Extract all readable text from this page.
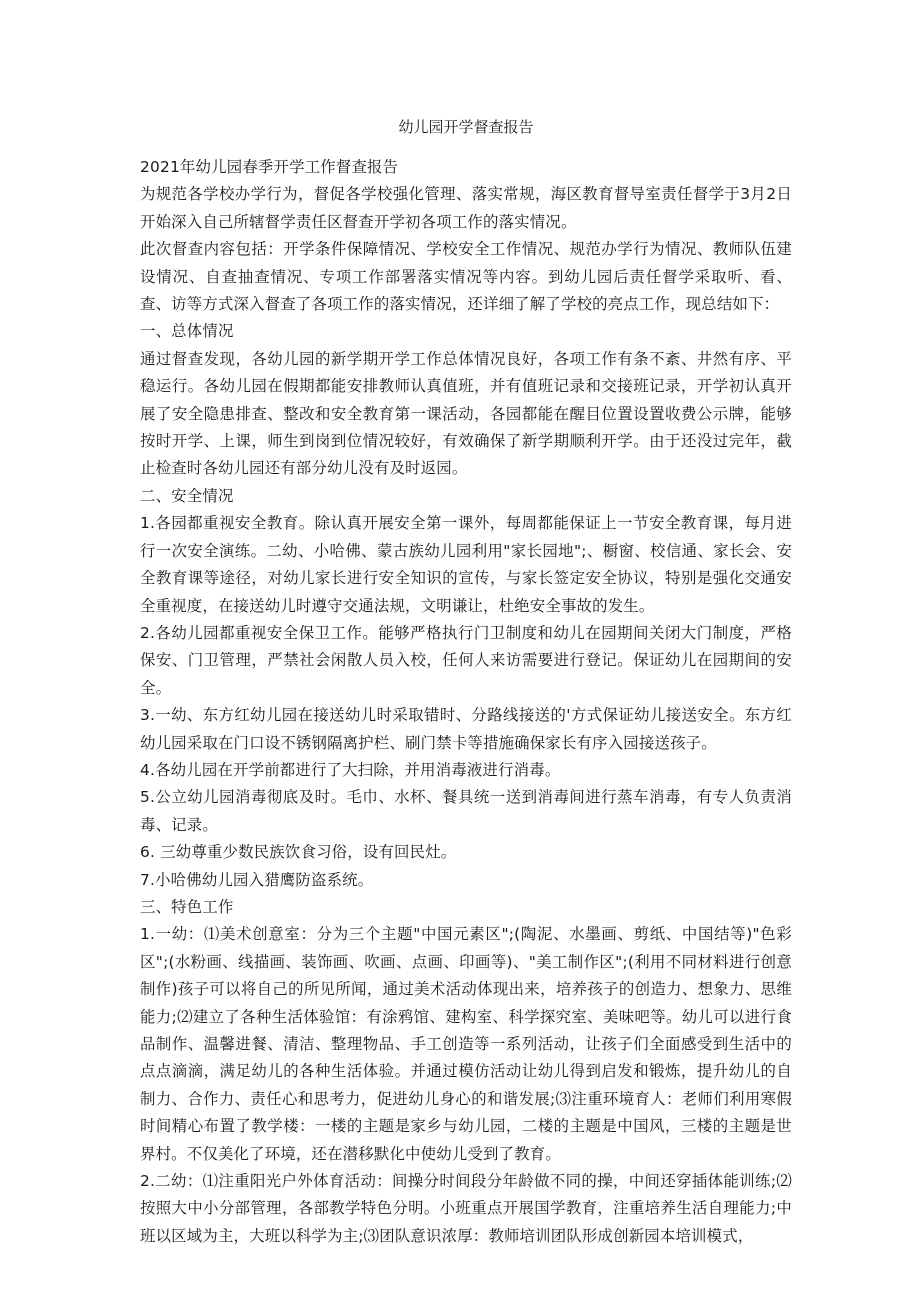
幼儿园开学督查报告

2021年幼儿园春季开学工作督查报告

为规范各学校办学行为，督促各学校强化管理、落实常规，海区教育督导室责任督学于3月2日开始深入自己所辖督学责任区督查开学初各项工作的落实情况。

此次督查内容包括：开学条件保障情况、学校安全工作情况、规范办学行为情况、教师队伍建设情况、自查抽查情况、专项工作部署落实情况等内容。到幼儿园后责任督学采取听、看、查、访等方式深入督查了各项工作的落实情况，还详细了解了学校的亮点工作，现总结如下：

一、总体情况

通过督查发现，各幼儿园的新学期开学工作总体情况良好，各项工作有条不紊、井然有序、平稳运行。各幼儿园在假期都能安排教师认真值班，并有值班记录和交接班记录，开学初认真开展了安全隐患排查、整改和安全教育第一课活动，各园都能在醒目位置设置收费公示牌，能够按时开学、上课，师生到岗到位情况较好，有效确保了新学期顺利开学。由于还没过完年，截止检查时各幼儿园还有部分幼儿没有及时返园。

二、安全情况

1.各园都重视安全教育。除认真开展安全第一课外，每周都能保证上一节安全教育课，每月进行一次安全演练。二幼、小哈佛、蒙古族幼儿园利用"家长园地";、橱窗、校信通、家长会、安全教育课等途径，对幼儿家长进行安全知识的宣传，与家长签定安全协议，特别是强化交通安全重视度，在接送幼儿时遵守交通法规，文明谦让，杜绝安全事故的发生。

2.各幼儿园都重视安全保卫工作。能够严格执行门卫制度和幼儿在园期间关闭大门制度，严格保安、门卫管理，严禁社会闲散人员入校，任何人来访需要进行登记。保证幼儿在园期间的安全。

3.一幼、东方红幼儿园在接送幼儿时采取错时、分路线接送的'方式保证幼儿接送安全。东方红幼儿园采取在门口设不锈钢隔离护栏、刷门禁卡等措施确保家长有序入园接送孩子。

4.各幼儿园在开学前都进行了大扫除，并用消毒液进行消毒。

5.公立幼儿园消毒彻底及时。毛巾、水杯、餐具统一送到消毒间进行蒸车消毒，有专人负责消毒、记录。

6. 三幼尊重少数民族饮食习俗，设有回民灶。

7.小哈佛幼儿园入猎鹰防盗系统。

三、特色工作

1.一幼：⑴美术创意室：分为三个主题"中国元素区";(陶泥、水墨画、剪纸、中国结等)"色彩区";(水粉画、线描画、装饰画、吹画、点画、印画等)、"美工制作区";(利用不同材料进行创意制作)孩子可以将自己的所见所闻，通过美术活动体现出来，培养孩子的创造力、想象力、思维能力;⑵建立了各种生活体验馆：有涂鸦馆、建构室、科学探究室、美味吧等。幼儿可以进行食品制作、温馨进餐、清洁、整理物品、手工创造等一系列活动，让孩子们全面感受到生活中的点点滴滴，满足幼儿的各种生活体验。并通过模仿活动让幼儿得到启发和锻炼，提升幼儿的自制力、合作力、责任心和思考力，促进幼儿身心的和谐发展;⑶注重环境育人：老师们利用寒假时间精心布置了教学楼：一楼的主题是家乡与幼儿园，二楼的主题是中国风，三楼的主题是世界村。不仅美化了环境，还在潜移默化中使幼儿受到了教育。

2.二幼：⑴注重阳光户外体育活动：间操分时间段分年龄做不同的操，中间还穿插体能训练;⑵按照大中小分部管理，各部教学特色分明。小班重点开展国学教育，注重培养生活自理能力;中班以区域为主，大班以科学为主;⑶团队意识浓厚：教师培训团队形成创新园本培训模式，
